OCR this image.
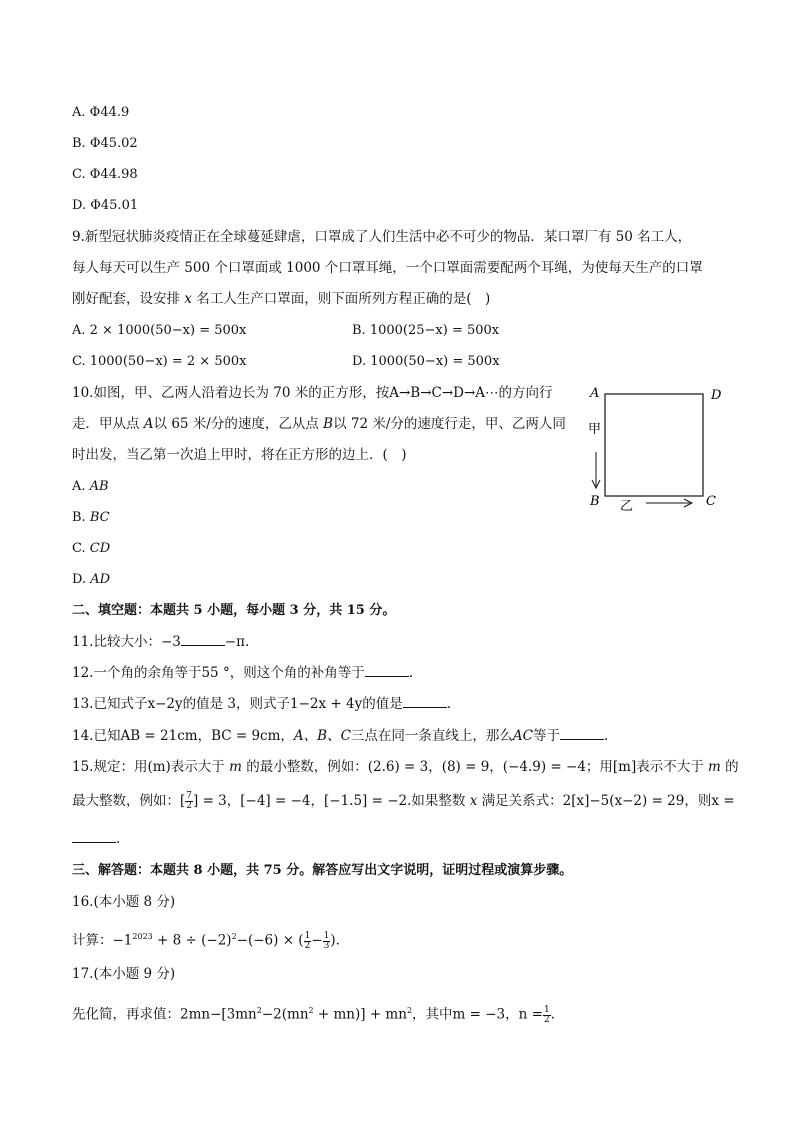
A. Φ44.9
B. Φ45.02
C. Φ44.98
D. Φ45.01
9.新型冠状肺炎疫情正在全球蔓延肆虐，口罩成了人们生活中必不可少的物品．某口罩厂有 50 名工人，
每人每天可以生产 500 个口罩面或 1000 个口罩耳绳，一个口罩面需要配两个耳绳，为使每天生产的口罩
刚好配套，设安排 x 名工人生产口罩面，则下面所列方程正确的是(　)
A. 2 × 1000(50−x) = 500x	B. 1000(25−x) = 500x
C. 1000(50−x) = 2 × 500x	D. 1000(50−x) = 500x
10.如图，甲、乙两人沿着边长为 70 米的正方形，按A→B→C→D→A⋯的方向行
走．甲从点 A以 65 米/分的速度，乙从点 B以 72 米/分的速度行走，甲、乙两人同
时出发，当乙第一次追上甲时，将在正方形的边上．(　)
A. AB
B. BC
C. CD
D. AD
A	D
B	C
甲
乙
二、填空题：本题共 5 小题，每小题 3 分，共 15 分。
11.比较大小：−3	−π.
12.一个角的余角等于55 °，则这个角的补角等于	.
13.已知式子x−2y的值是 3，则式子1−2x + 4y的值是	.
14.已知AB = 21cm，BC = 9cm，A、B、C三点在同一条直线上，那么AC等于	.
15.规定：用(m)表示大于 m 的最小整数，例如：(2.6) = 3，(8) = 9，(−4.9) = −4；用[m]表示不大于 m 的
最大整数，例如：[ $\frac{7}{2}$ ] = 3，[−4] = −4，[−1.5] = −2.如果整数 x 满足关系式：2[x]−5(x−2) = 29，则x =
.
三、解答题：本题共 8 小题，共 75 分。解答应写出文字说明，证明过程或演算步骤。
16.(本小题 8 分)
计算：$-1^{2023} + 8 \div (-2)^2-(-6)$ × ( $\frac{1}{2} - \frac{1}{3}$ ).
17.(本小题 9 分)
先化简，再求值：$2mn-[3mn^2-2(mn^2 + mn)] + mn^2$，其中m = −3，$n = \frac{1}{2}$ .
